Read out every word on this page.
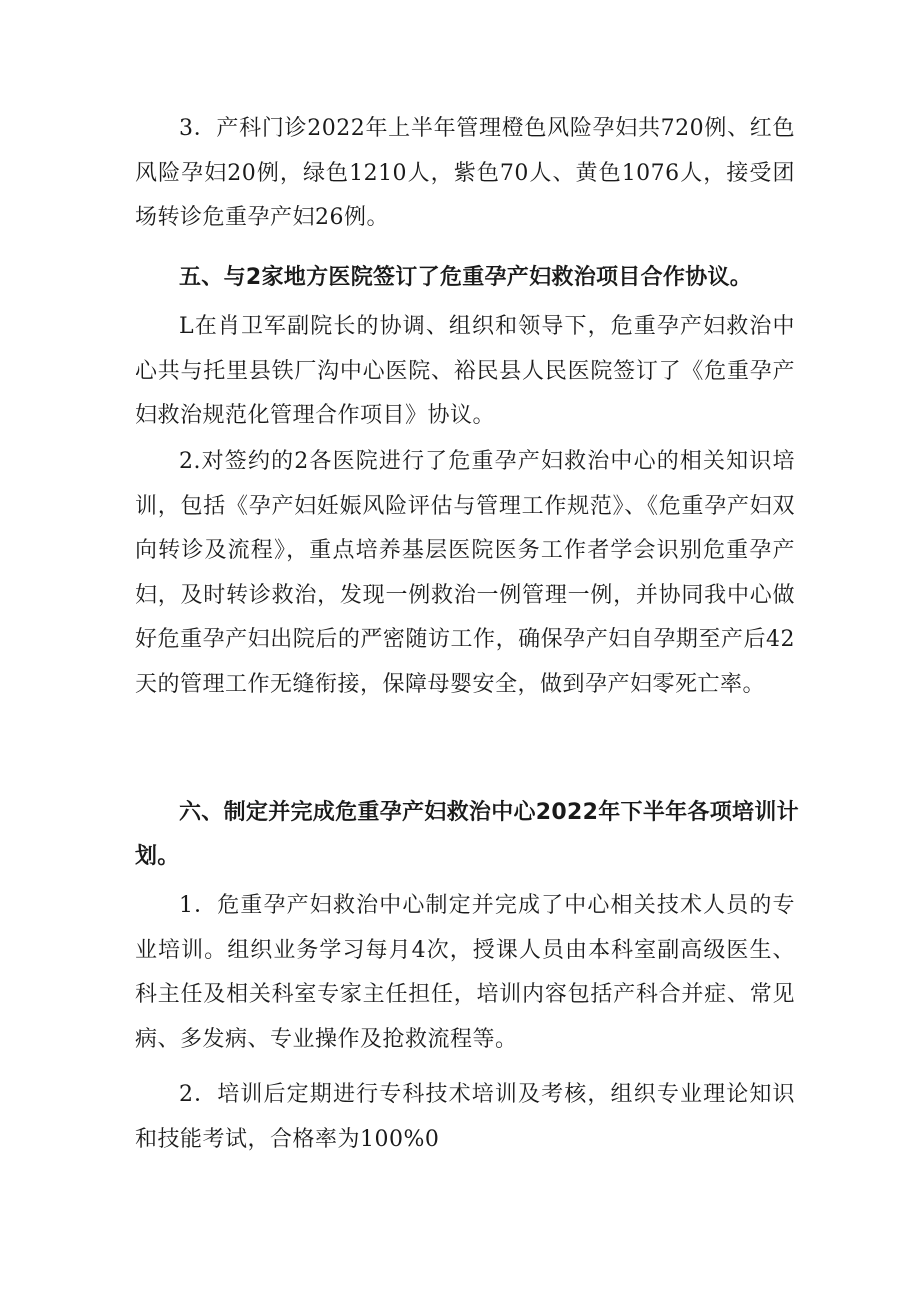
3．产科门诊2022年上半年管理橙色风险孕妇共720例、红色风险孕妇20例，绿色1210人，紫色70人、黄色1076人，接受团场转诊危重孕产妇26例。

五、与2家地方医院签订了危重孕产妇救治项目合作协议。

L在肖卫军副院长的协调、组织和领导下，危重孕产妇救治中心共与托里县铁厂沟中心医院、裕民县人民医院签订了《危重孕产妇救治规范化管理合作项目》协议。

2.对签约的2各医院进行了危重孕产妇救治中心的相关知识培训，包括《孕产妇妊娠风险评估与管理工作规范》、《危重孕产妇双向转诊及流程》，重点培养基层医院医务工作者学会识别危重孕产妇，及时转诊救治，发现一例救治一例管理一例，并协同我中心做好危重孕产妇出院后的严密随访工作，确保孕产妇自孕期至产后42天的管理工作无缝衔接，保障母婴安全，做到孕产妇零死亡率。

六、制定并完成危重孕产妇救治中心2022年下半年各项培训计划。

1．危重孕产妇救治中心制定并完成了中心相关技术人员的专业培训。组织业务学习每月4次，授课人员由本科室副高级医生、科主任及相关科室专家主任担任，培训内容包括产科合并症、常见病、多发病、专业操作及抢救流程等。

2．培训后定期进行专科技术培训及考核，组织专业理论知识和技能考试，合格率为100%0
